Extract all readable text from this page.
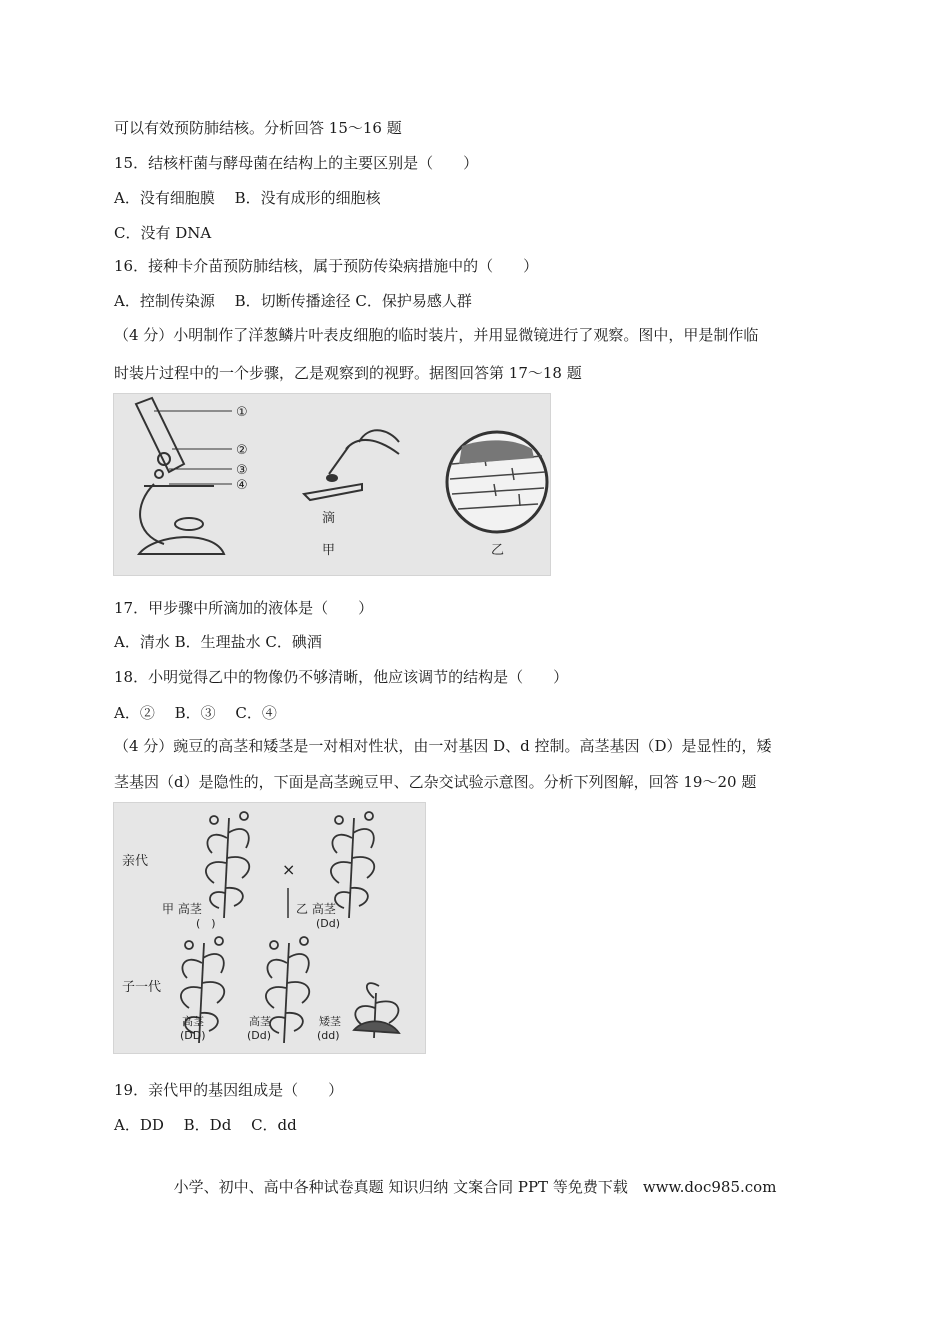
可以有效预防肺结核。分析回答 15～16 题
15．结核杆菌与酵母菌在结构上的主要区别是（　　）
A．没有细胞膜　 B．没有成形的细胞核
C．没有 DNA
16．接种卡介苗预防肺结核，属于预防传染病措施中的（　　）
A．控制传染源　 B．切断传播途径 C．保护易感人群
（4 分）小明制作了洋葱鳞片叶表皮细胞的临时装片，并用显微镜进行了观察。图中，甲是制作临
时装片过程中的一个步骤，乙是观察到的视野。据图回答第 17～18 题
①
②
③
④
滴
甲	乙
17．甲步骤中所滴加的液体是（　　）
A．清水 B．生理盐水 C．碘酒
18．小明觉得乙中的物像仍不够清晰，他应该调节的结构是（　　）
A．②　 B．③　 C．④
（4 分）豌豆的高茎和矮茎是一对相对性状，由一对基因 D、d 控制。高茎基因（D）是显性的，矮
茎基因（d）是隐性的，下面是高茎豌豆甲、乙杂交试验示意图。分析下列图解，回答 19～20 题
亲代	×
甲 高茎
(　)
乙 高茎
(Dd)
子一代
高茎
(DD)
高茎
(Dd)
矮茎
(dd)
19．亲代甲的基因组成是（　　）
A．DD　 B．Dd　 C．dd
小学、初中、高中各种试卷真题 知识归纳 文案合同 PPT 等免费下载　www.doc985.com
